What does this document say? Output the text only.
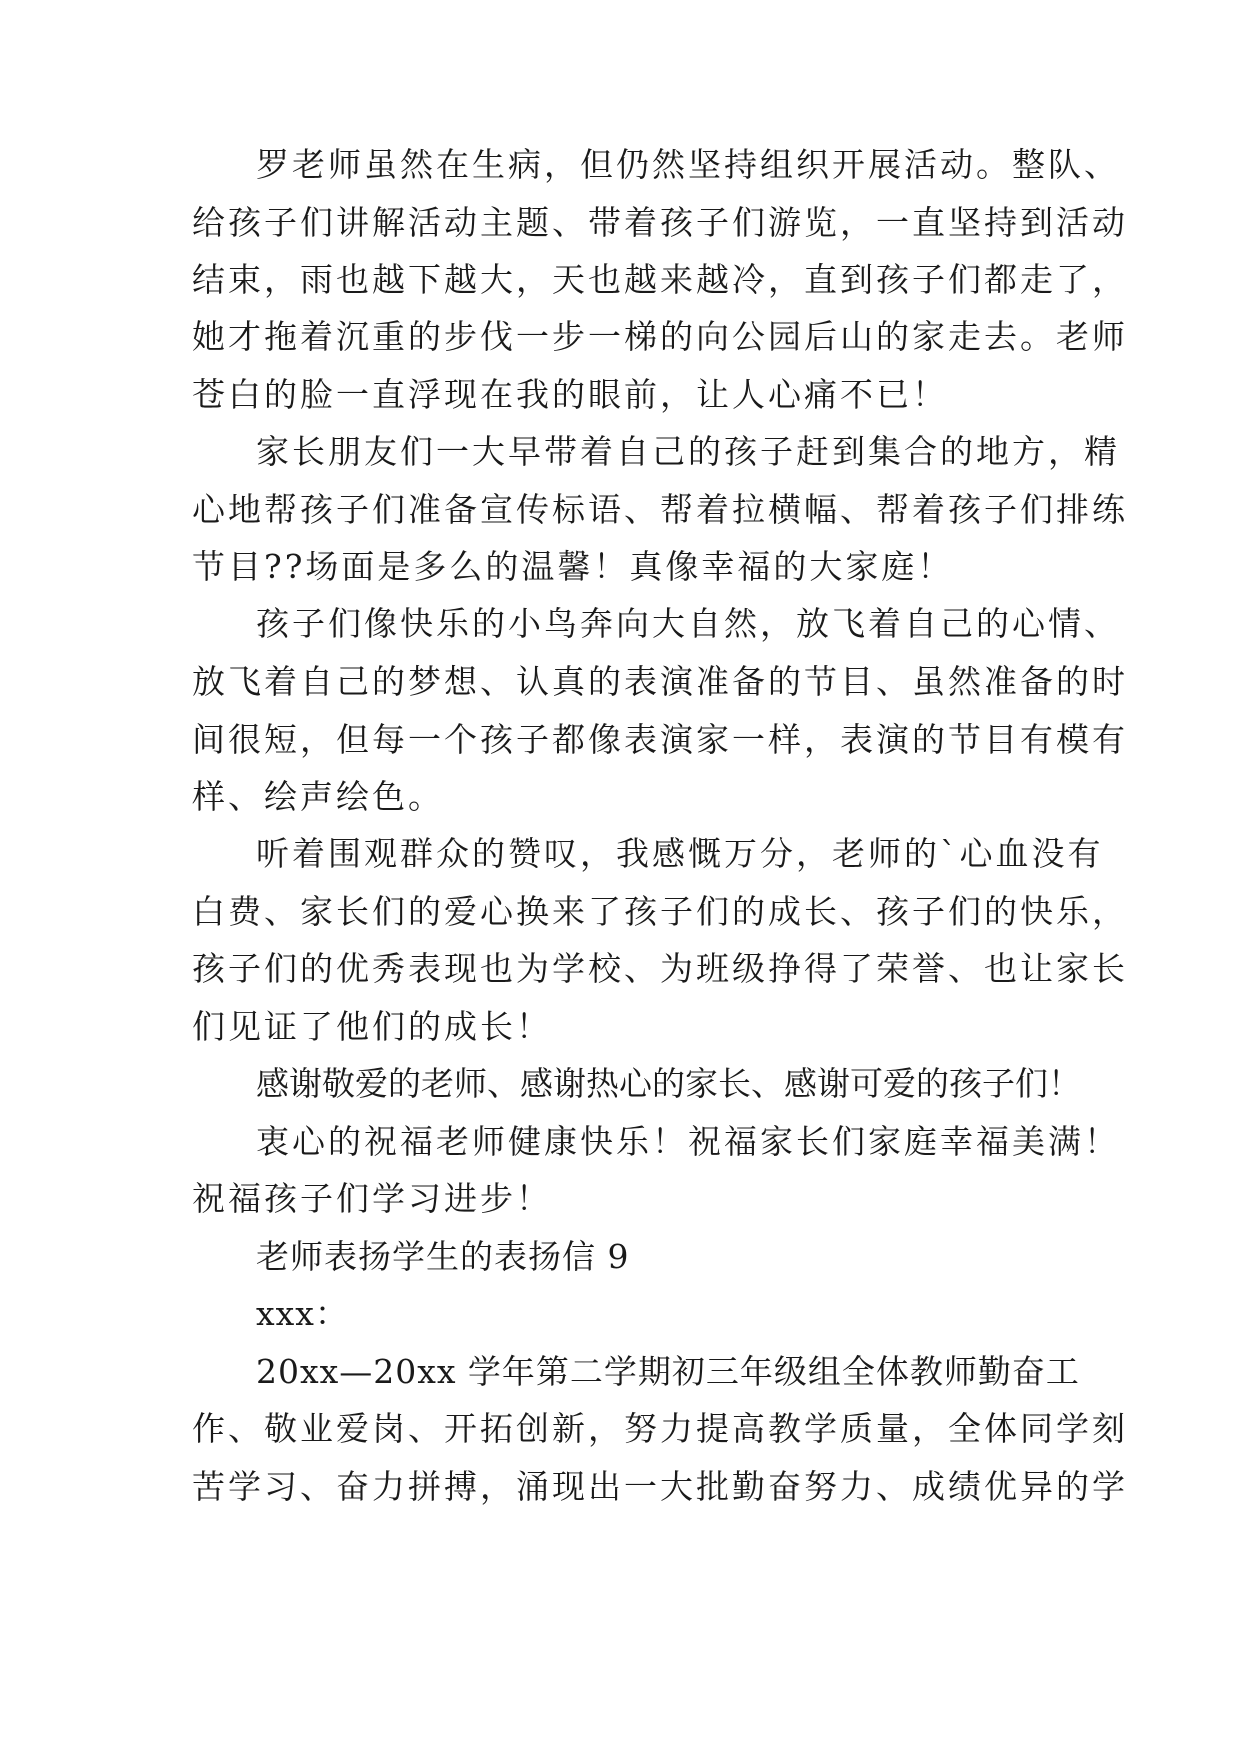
罗老师虽然在生病，但仍然坚持组织开展活动。整队、
给孩子们讲解活动主题、带着孩子们游览，一直坚持到活动
结束，雨也越下越大，天也越来越冷，直到孩子们都走了，
她才拖着沉重的步伐一步一梯的向公园后山的家走去。老师
苍白的脸一直浮现在我的眼前，让人心痛不已！
家长朋友们一大早带着自己的孩子赶到集合的地方，精
心地帮孩子们准备宣传标语、帮着拉横幅、帮着孩子们排练
节目??场面是多么的温馨！真像幸福的大家庭！
孩子们像快乐的小鸟奔向大自然，放飞着自己的心情、
放飞着自己的梦想、认真的表演准备的节目、虽然准备的时
间很短，但每一个孩子都像表演家一样，表演的节目有模有
样、绘声绘色。
听着围观群众的赞叹，我感慨万分，老师的`心血没有
白费、家长们的爱心换来了孩子们的成长、孩子们的快乐，
孩子们的优秀表现也为学校、为班级挣得了荣誉、也让家长
们见证了他们的成长！
感谢敬爱的老师、感谢热心的家长、感谢可爱的孩子们！
衷心的祝福老师健康快乐！祝福家长们家庭幸福美满！
祝福孩子们学习进步！
老师表扬学生的表扬信 9
xxx：
20xx—20xx 学年第二学期初三年级组全体教师勤奋工
作、敬业爱岗、开拓创新，努力提高教学质量，全体同学刻
苦学习、奋力拼搏，涌现出一大批勤奋努力、成绩优异的学
